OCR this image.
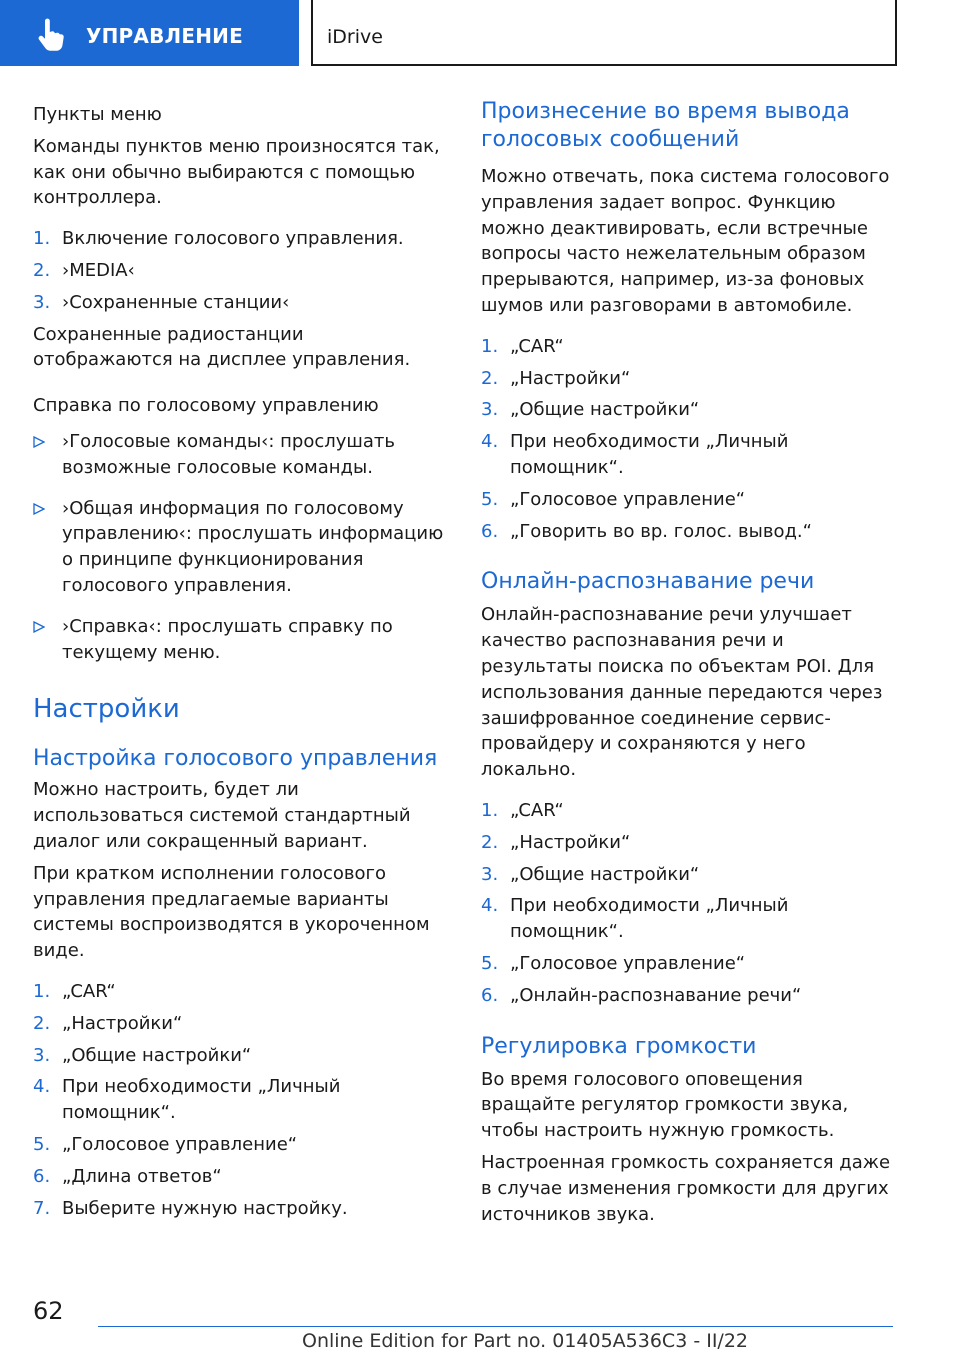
УПРАВЛЕНИЕ	iDrive
Пункты меню

Команды пунктов меню произносятся так, как они обычно выбираются с помощью контроллера.

1. Включение голосового управления.
2. ›MEDIA‹
3. ›Сохраненные станции‹

Сохраненные радиостанции отображаются на дисплее управления.

Справка по голосовому управлению
›Голосовые команды‹: прослушать возможные голосовые команды.
›Общая информация по голосовому управлению‹: прослушать информацию о принципе функционирования голосового управления.
›Справка‹: прослушать справку по текущему меню.
Настройки
Настройка голосового управления

Можно настроить, будет ли использоваться системой стандартный диалог или сокращенный вариант.

При кратком исполнении голосового управления предлагаемые варианты системы воспроизводятся в укороченном виде.

1. „CAR“
2. „Настройки“
3. „Общие настройки“
4. При необходимости „Личный помощник“.
5. „Голосовое управление“
6. „Длина ответов“
7. Выберите нужную настройку.
Произнесение во время вывода голосовых сообщений

Можно отвечать, пока система голосового управления задает вопрос. Функцию можно деактивировать, если встречные вопросы часто нежелательным образом прерываются, например, из-за фоновых шумов или разговорами в автомобиле.

1. „CAR“
2. „Настройки“
3. „Общие настройки“
4. При необходимости „Личный помощник“.
5. „Голосовое управление“
6. „Говорить во вр. голос. вывод.“
Онлайн-распознавание речи

Онлайн-распознавание речи улучшает качество распознавания речи и результаты поиска по объектам POI. Для использования данные передаются через зашифрованное соединение сервис-провайдеру и сохраняются у него локально.

1. „CAR“
2. „Настройки“
3. „Общие настройки“
4. При необходимости „Личный помощник“.
5. „Голосовое управление“
6. „Онлайн-распознавание речи“
Регулировка громкости

Во время голосового оповещения вращайте регулятор громкости звука, чтобы настроить нужную громкость.

Настроенная громкость сохраняется даже в случае изменения громкости для других источников звука.

62
Online Edition for Part no. 01405A536C3 - II/22
